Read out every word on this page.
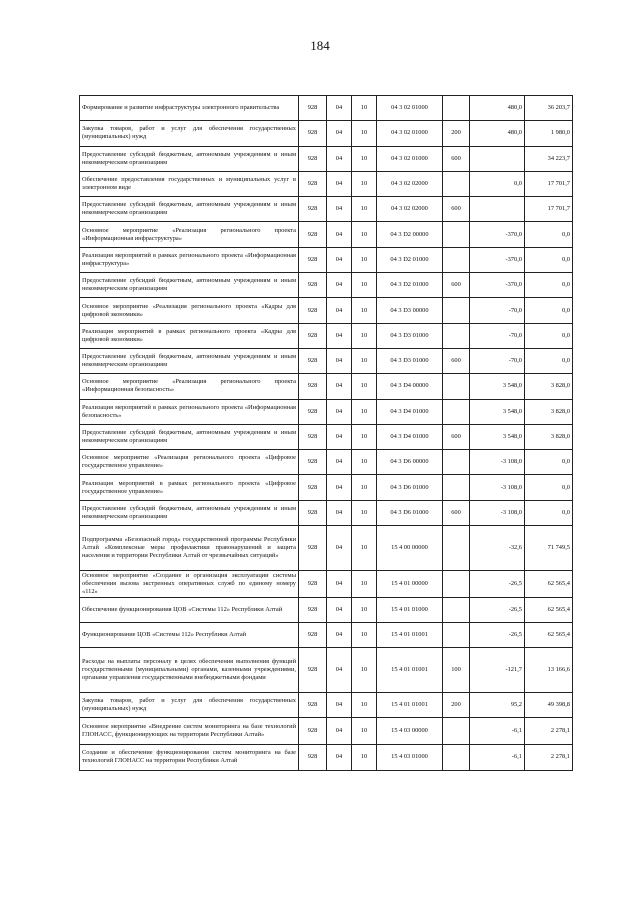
184
Формирование и развитие инфраструктуры электронного правительства	928	04	10	04 3 02 01000		480,0	36 203,7
Закупка товаров, работ и услуг для обеспечения государственных (муниципальных) нужд	928	04	10	04 3 02 01000	200	480,0	1 980,0
Предоставление субсидий бюджетным, автономным учреждениям и иным некоммерческим организациям	928	04	10	04 3 02 01000	600		34 223,7
Обеспечение предоставления государственных и муниципальных услуг в электронном виде	928	04	10	04 3 02 02000		0,0	17 701,7
Предоставление субсидий бюджетным, автономным учреждениям и иным некоммерческим организациям	928	04	10	04 3 02 02000	600		17 701,7
Основное мероприятие «Реализация регионального проекта «Информационная инфраструктура»	928	04	10	04 3 D2 00000		-370,0	0,0
Реализация мероприятий в рамках регионального проекта «Информационная инфраструктура»	928	04	10	04 3 D2 01000		-370,0	0,0
Предоставление субсидий бюджетным, автономным учреждениям и иным некоммерческим организациям	928	04	10	04 3 D2 01000	600	-370,0	0,0
Основное мероприятие «Реализация регионального проекта «Кадры для цифровой экономики»	928	04	10	04 3 D3 00000		-70,0	0,0
Реализация мероприятий в рамках регионального проекта «Кадры для цифровой экономики»	928	04	10	04 3 D3 01000		-70,0	0,0
Предоставление субсидий бюджетным, автономным учреждениям и иным некоммерческим организациям	928	04	10	04 3 D3 01000	600	-70,0	0,0
Основное мероприятие «Реализация регионального проекта «Информационная безопасность»	928	04	10	04 3 D4 00000		3 548,0	3 828,0
Реализация мероприятий в рамках регионального проекта «Информационная безопасность»	928	04	10	04 3 D4 01000		3 548,0	3 828,0
Предоставление субсидий бюджетным, автономным учреждениям и иным некоммерческим организациям	928	04	10	04 3 D4 01000	600	3 548,0	3 828,0
Основное мероприятие «Реализация регионального проекта «Цифровое государственное управление»	928	04	10	04 3 D6 00000		-3 108,0	0,0
Реализация мероприятий в рамках регионального проекта «Цифровое государственное управление»	928	04	10	04 3 D6 01000		-3 108,0	0,0
Предоставление субсидий бюджетным, автономным учреждениям и иным некоммерческим организациям	928	04	10	04 3 D6 01000	600	-3 108,0	0,0
Подпрограмма «Безопасный город» государственной программы Республики Алтай «Комплексные меры профилактики правонарушений и защита населения и территории Республики Алтай от чрезвычайных ситуаций»	928	04	10	15 4 00 00000		-32,6	71 749,5
Основное мероприятие «Создание и организация эксплуатации системы обеспечения вызова экстренных оперативных служб по единому номеру «112»	928	04	10	15 4 01 00000		-26,5	62 565,4
Обеспечение функционирования ЦОВ «Системы 112» Республики Алтай	928	04	10	15 4 01 01000		-26,5	62 565,4
Функционирование ЦОВ «Системы 112» Республики Алтай	928	04	10	15 4 01 01001		-26,5	62 565,4
Расходы на выплаты персоналу в целях обеспечения выполнения функций государственными (муниципальными) органами, казенными учреждениями, органами управления государственными внебюджетными фондами	928	04	10	15 4 01 01001	100	-121,7	13 166,6
Закупка товаров, работ и услуг для обеспечения государственных (муниципальных) нужд	928	04	10	15 4 01 01001	200	95,2	49 398,8
Основное мероприятие «Внедрение систем мониторинга на базе технологий ГЛОНАСС, функционирующих на территории Республики Алтай»	928	04	10	15 4 03 00000		-6,1	2 278,1
Создание и обеспечение функционирования систем мониторинга на базе технологий ГЛОНАСС на территории Республики Алтай	928	04	10	15 4 03 01000		-6,1	2 278,1
